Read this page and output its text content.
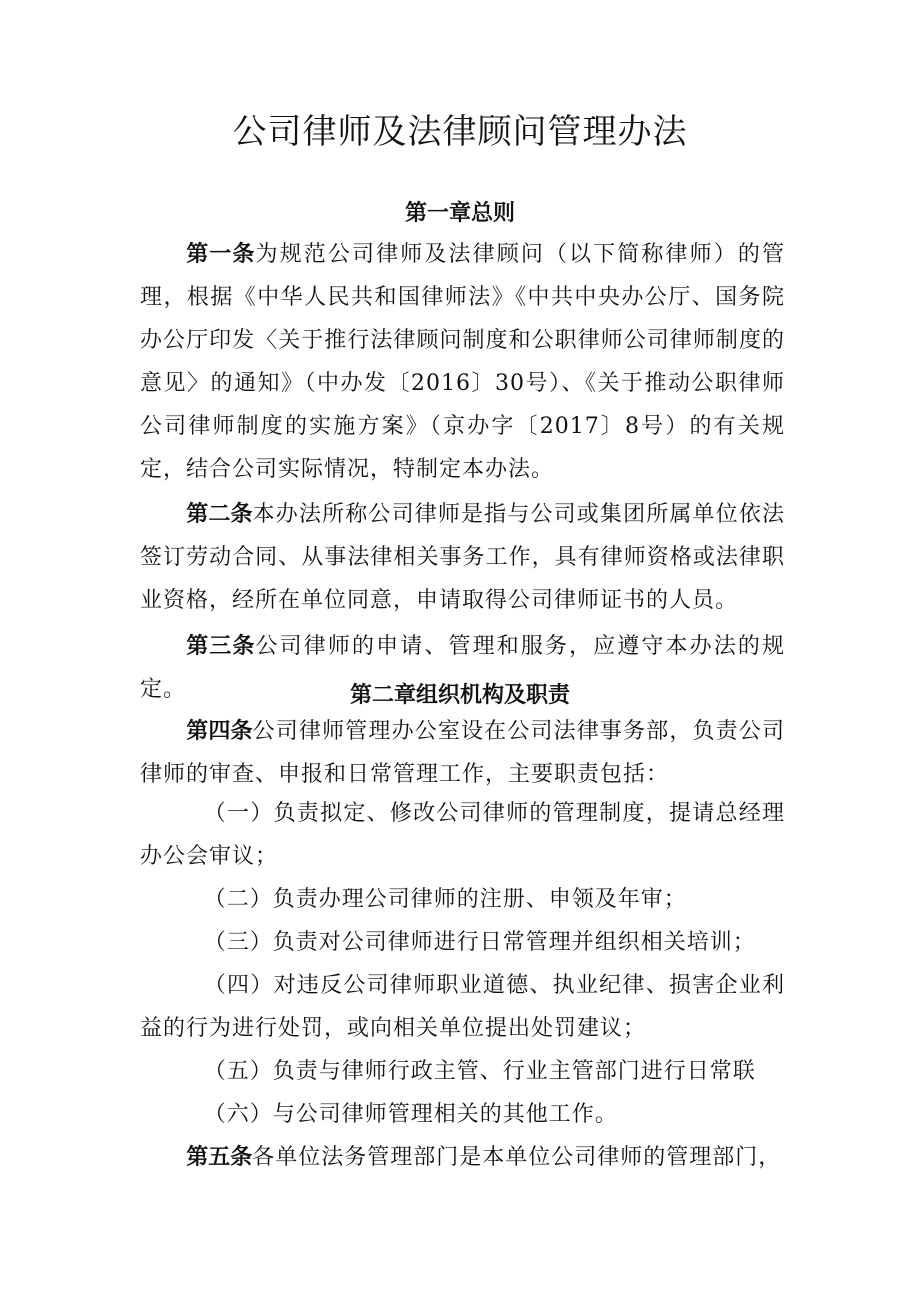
公司律师及法律顾问管理办法
第一章总则

第一条为规范公司律师及法律顾问（以下简称律师）的管理，根据《中华人民共和国律师法》《中共中央办公厅、国务院办公厅印发〈关于推行法律顾问制度和公职律师公司律师制度的意见〉的通知》（中办发〔2016〕30号）、《关于推动公职律师公司律师制度的实施方案》（京办字〔2017〕8号）的有关规定，结合公司实际情况，特制定本办法。

第二条本办法所称公司律师是指与公司或集团所属单位依法签订劳动合同、从事法律相关事务工作，具有律师资格或法律职业资格，经所在单位同意，申请取得公司律师证书的人员。

第三条公司律师的申请、管理和服务，应遵守本办法的规定。	第二章组织机构及职责

第四条公司律师管理办公室设在公司法律事务部，负责公司律师的审查、申报和日常管理工作，主要职责包括：

（一）负责拟定、修改公司律师的管理制度，提请总经理办公会审议；

（二）负责办理公司律师的注册、申领及年审；

（三）负责对公司律师进行日常管理并组织相关培训；

（四）对违反公司律师职业道德、执业纪律、损害企业利益的行为进行处罚，或向相关单位提出处罚建议；

（五）负责与律师行政主管、行业主管部门进行日常联

（六）与公司律师管理相关的其他工作。

第五条各单位法务管理部门是本单位公司律师的管理部门，
